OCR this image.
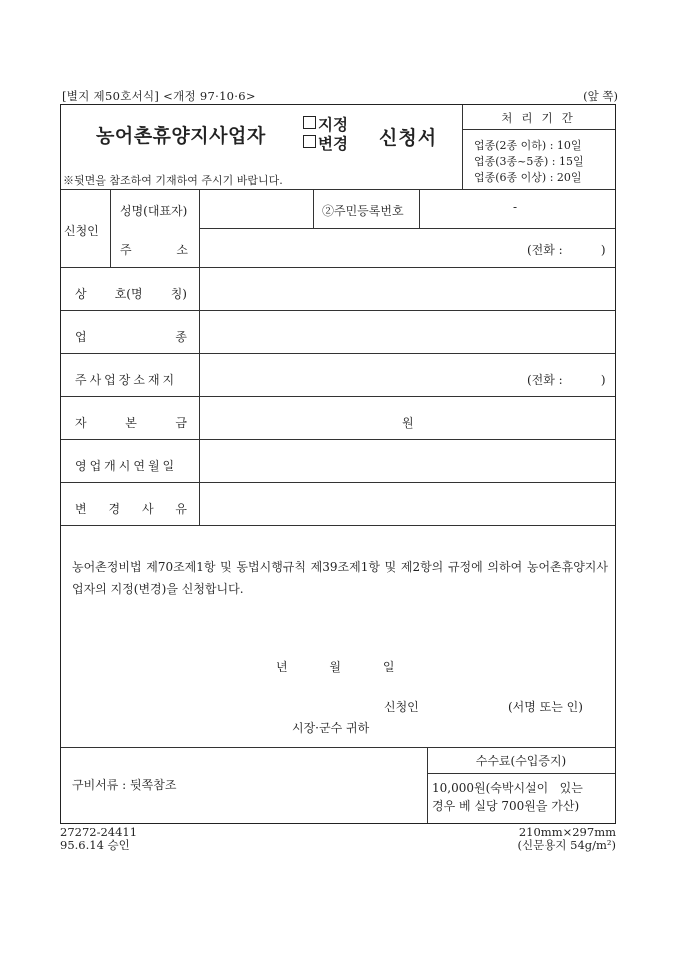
[별지 제50호서식] <개정 97·10·6>	(앞 쪽)
농어촌휴양지사업자
지정
변경 신청서
※뒷면을 참조하여 기재하여 주시기 바랍니다.
처리기간
업종(2종 이하) : 10일
업종(3종~5종) : 15일
업종(6종 이상) : 20일
신청인
성명(대표자)	②주민등록번호	-
주 소	(전화 :          )
상 호(명 칭)
업 종
주사업장소재지	(전화 :          )
자 본 금	원
영업개시연월일
변 경 사 유
농어촌정비법 제70조제1항 및 동법시행규칙 제39조제1항 및 제2항의 규정에 의하여 농어촌휴양지사업자의 지정(변경)을 신청합니다.
년 월 일
신청인	(서명 또는 인)
시장·군수 귀하
구비서류 : 뒷쪽참조
수수료(수입증지)
10,000원(숙박시설이   있는
경우 베 실당 700원을 가산)
27272-24411
95.6.14 승인
210mm×297mm
(신문용지 54g/m²)
